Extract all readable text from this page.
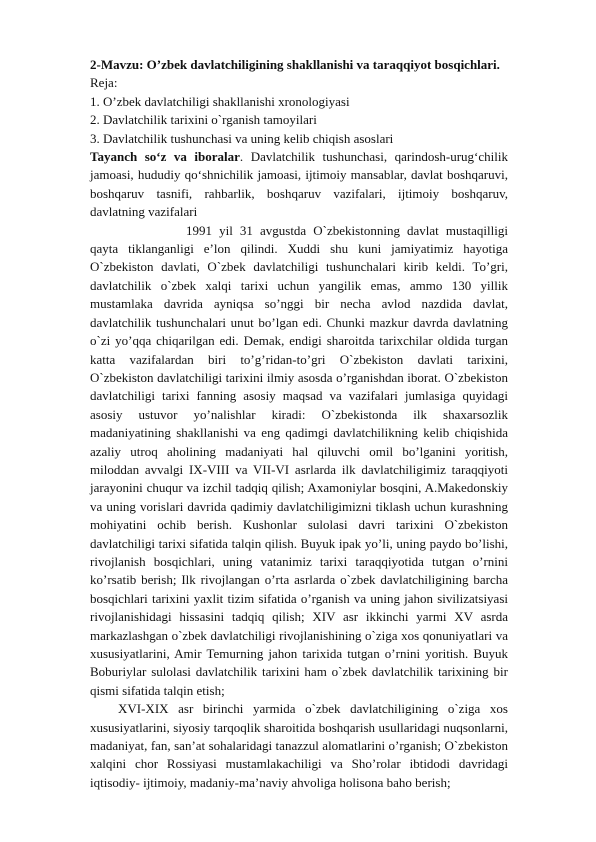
2-Mavzu: O’zbek davlatchiligining shakllanishi va taraqqiyot bosqichlari.

Reja:

1. O’zbek davlatchiligi shakllanishi xronologiyasi

2. Davlatchilik tarixini o`rganish tamoyilari

3. Davlatchilik tushunchasi va uning kelib chiqish asoslari

Tayanch so‘z va iboralar. Davlatchilik tushunchasi, qarindosh-urug‘chilik jamoasi, hududiy qo‘shnichilik jamoasi, ijtimoiy mansablar, davlat boshqaruvi, boshqaruv tasnifi, rahbarlik, boshqaruv vazifalari, ijtimoiy boshqaruv, davlatning vazifalari

1991 yil 31 avgustda O`zbekistonning davlat mustaqilligi qayta tiklanganligi e’lon qilindi. Xuddi shu kuni jamiyatimiz hayotiga O`zbekiston davlati, O`zbek davlatchiligi tushunchalari kirib keldi. To’gri, davlatchilik o`zbek xalqi tarixi uchun yangilik emas, ammo 130 yillik mustamlaka davrida ayniqsa so’nggi bir necha avlod nazdida davlat, davlatchilik tushunchalari unut bo’lgan edi. Chunki mazkur davrda davlatning o`zi yo’qqa chiqarilgan edi. Demak, endigi sharoitda tarixchilar oldida turgan katta vazifalardan biri to’g’ridan-to’gri O`zbekiston davlati tarixini, O`zbekiston davlatchiligi tarixini ilmiy asosda o’rganishdan iborat. O`zbekiston davlatchiligi tarixi fanning asosiy maqsad va vazifalari jumlasiga quyidagi asosiy ustuvor yo’nalishlar kiradi: O`zbekistonda ilk shaxarsozlik madaniyatining shakllanishi va eng qadimgi davlatchilikning kelib chiqishida azaliy utroq aholining madaniyati hal qiluvchi omil bo’lganini yoritish, miloddan avvalgi IX-VIII va VII-VI asrlarda ilk davlatchiligimiz taraqqiyoti jarayonini chuqur va izchil tadqiq qilish; Axamoniylar bosqini, A.Makedonskiy va uning vorislari davrida qadimiy davlatchiligimizni tiklash uchun kurashning mohiyatini ochib berish. Kushonlar sulolasi davri tarixini O`zbekiston davlatchiligi tarixi sifatida talqin qilish. Buyuk ipak yo’li, uning paydo bo’lishi, rivojlanish bosqichlari, uning vatanimiz tarixi taraqqiyotida tutgan o’rnini ko’rsatib berish; Ilk rivojlangan o’rta asrlarda o`zbek davlatchiligining barcha bosqichlari tarixini yaxlit tizim sifatida o’rganish va uning jahon sivilizatsiyasi rivojlanishidagi hissasini tadqiq qilish; XIV asr ikkinchi yarmi XV asrda markazlashgan o`zbek davlatchiligi rivojlanishining o`ziga xos qonuniyatlari va xususiyatlarini, Amir Temurning jahon tarixida tutgan o’rnini yoritish. Buyuk Boburiylar sulolasi davlatchilik tarixini ham o`zbek davlatchilik tarixining bir qismi sifatida talqin etish;

XVI-XIX asr birinchi yarmida o`zbek davlatchiligining o`ziga xos xususiyatlarini, siyosiy tarqoqlik sharoitida boshqarish usullaridagi nuqsonlarni, madaniyat, fan, san’at sohalaridagi tanazzul alomatlarini o’rganish; O`zbekiston xalqini chor Rossiyasi mustamlakachiligi va Sho’rolar ibtidodi davridagi iqtisodiy- ijtimoiy, madaniy-ma’naviy ahvoliga holisona baho berish;
